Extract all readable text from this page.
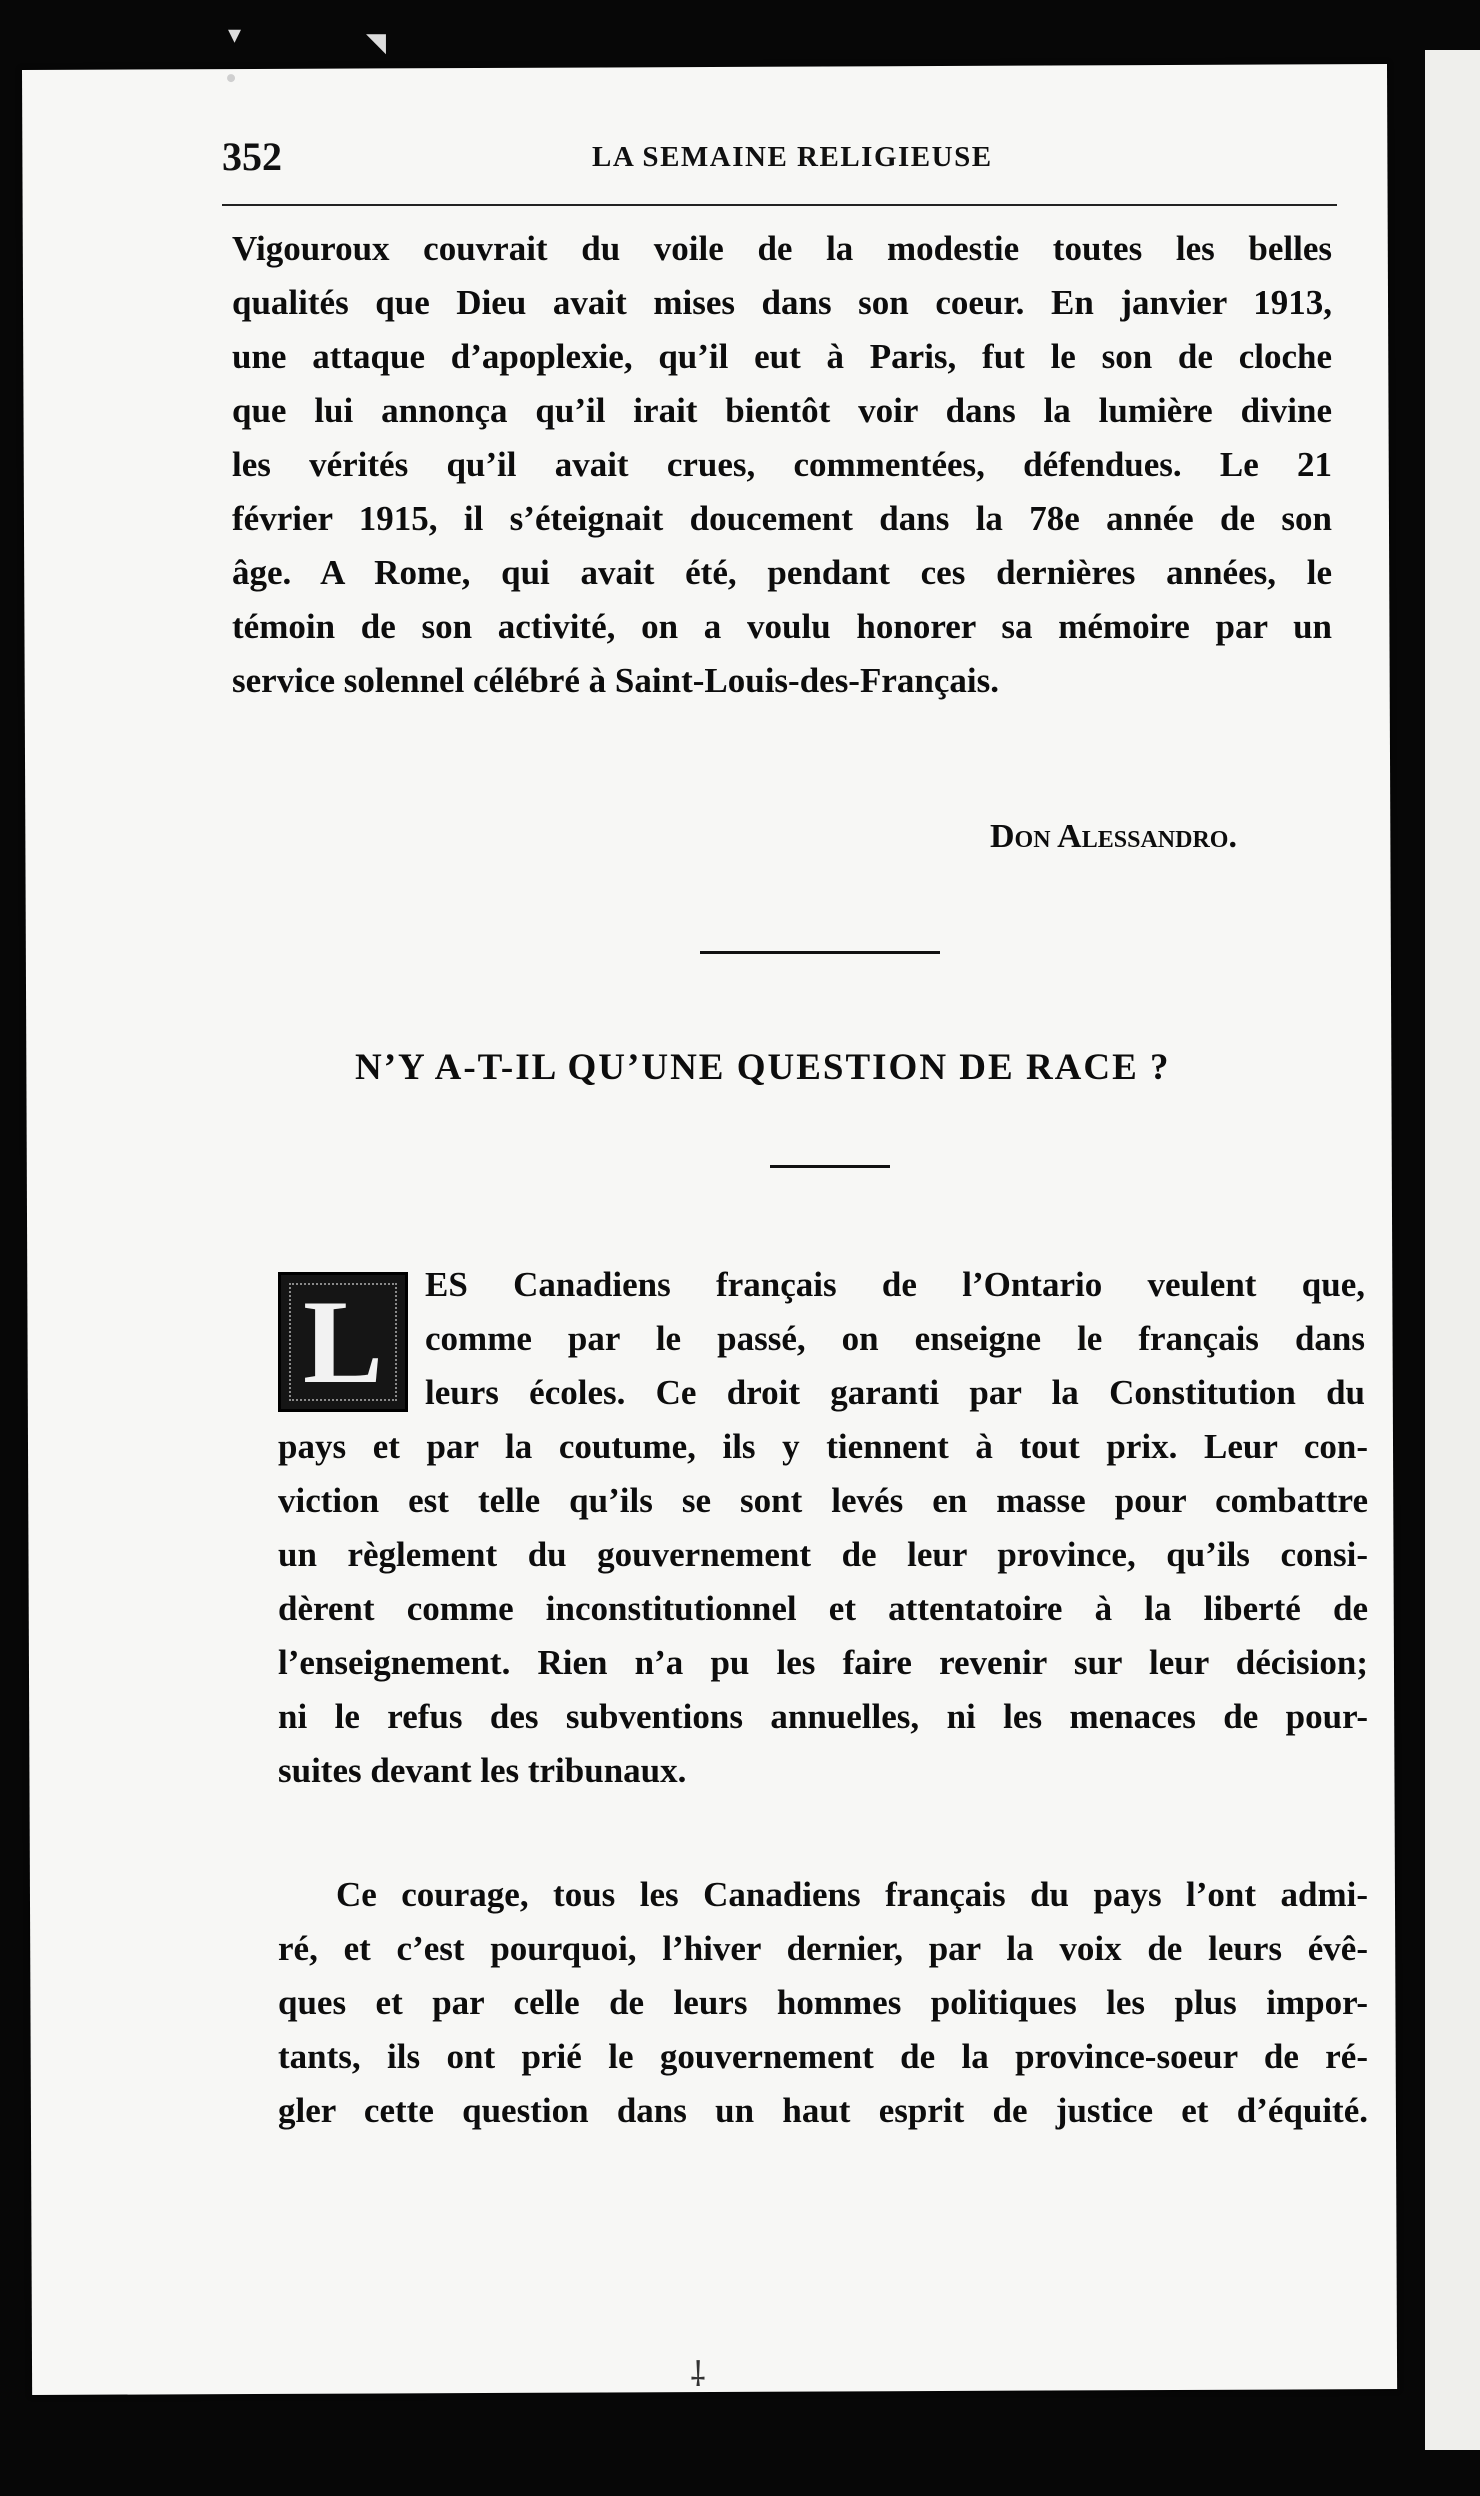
352	LA SEMAINE RELIGIEUSE
Vigouroux couvrait du voile de la modestie toutes les belles
qualités que Dieu avait mises dans son coeur. En janvier 1913,
une attaque d’apoplexie, qu’il eut à Paris, fut le son de cloche
que lui annonça qu’il irait bientôt voir dans la lumière divine
les vérités qu’il avait crues, commentées, défendues. Le 21
février 1915, il s’éteignait doucement dans la 78e année de son
âge. A Rome, qui avait été, pendant ces dernières années, le
témoin de son activité, on a voulu honorer sa mémoire par un
service solennel célébré à Saint-Louis-des-Français.
Don Alessandro.
N’Y A-T-IL QU’UNE QUESTION DE RACE ?
L	ES Canadiens français de l’Ontario veulent que,
comme par le passé, on enseigne le français dans
leurs écoles. Ce droit garanti par la Constitution du
pays et par la coutume, ils y tiennent à tout prix. Leur con-
viction est telle qu’ils se sont levés en masse pour combattre
un règlement du gouvernement de leur province, qu’ils consi-
dèrent comme inconstitutionnel et attentatoire à la liberté de
l’enseignement. Rien n’a pu les faire revenir sur leur décision;
ni le refus des subventions annuelles, ni les menaces de pour-
suites devant les tribunaux.
Ce courage, tous les Canadiens français du pays l’ont admi-
ré, et c’est pourquoi, l’hiver dernier, par la voix de leurs évê-
ques et par celle de leurs hommes politiques les plus impor-
tants, ils ont prié le gouvernement de la province-soeur de ré-
gler cette question dans un haut esprit de justice et d’équité.
⸸
▾	◥
